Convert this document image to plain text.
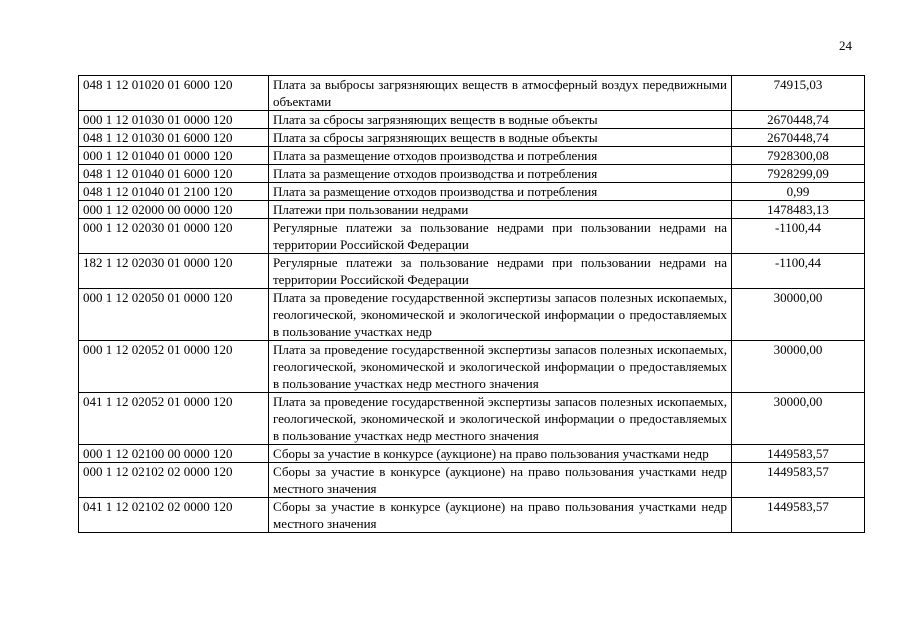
24
048 1 12 01020 01 6000 120	Плата за выбросы загрязняющих веществ в атмосферный воздух передвижными объектами	74915,03
000 1 12 01030 01 0000 120	Плата за сбросы загрязняющих веществ в водные объекты	2670448,74
048 1 12 01030 01 6000 120	Плата за сбросы загрязняющих веществ в водные объекты	2670448,74
000 1 12 01040 01 0000 120	Плата за размещение отходов производства и потребления	7928300,08
048 1 12 01040 01 6000 120	Плата за размещение отходов производства и потребления	7928299,09
048 1 12 01040 01 2100 120	Плата за размещение отходов производства и потребления	0,99
000 1 12 02000 00 0000 120	Платежи при пользовании недрами	1478483,13
000 1 12 02030 01 0000 120	Регулярные платежи за пользование недрами при пользовании недрами на территории Российской Федерации	-1100,44
182 1 12 02030 01 0000 120	Регулярные платежи за пользование недрами при пользовании недрами на территории Российской Федерации	-1100,44
000 1 12 02050 01 0000 120	Плата за проведение государственной экспертизы запасов полезных ископаемых, геологической, экономической и экологической информации о предоставляемых в пользование участках недр	30000,00
000 1 12 02052 01 0000 120	Плата за проведение государственной экспертизы запасов полезных ископаемых, геологической, экономической и экологической информации о предоставляемых в пользование участках недр местного значения	30000,00
041 1 12 02052 01 0000 120	Плата за проведение государственной экспертизы запасов полезных ископаемых, геологической, экономической и экологической информации о предоставляемых в пользование участках недр местного значения	30000,00
000 1 12 02100 00 0000 120	Сборы за участие в конкурсе (аукционе) на право пользования участками недр	1449583,57
000 1 12 02102 02 0000 120	Сборы за участие в конкурсе (аукционе) на право пользования участками недр местного значения	1449583,57
041 1 12 02102 02 0000 120	Сборы за участие в конкурсе (аукционе) на право пользования участками недр местного значения	1449583,57
